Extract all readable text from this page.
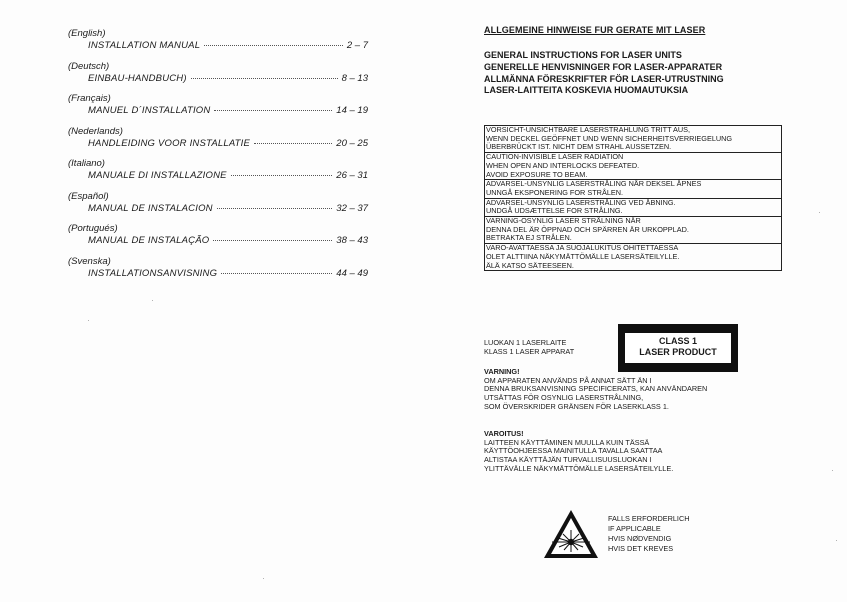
(English)
INSTALLATION MANUAL	2 – 7
(Deutsch)
EINBAU-HANDBUCH)	8 – 13
(Français)
MANUEL D´INSTALLATION	14 – 19
(Nederlands)
HANDLEIDING VOOR INSTALLATIE	20 – 25
(Italiano)
MANUALE DI INSTALLAZIONE	26 – 31
(Español)
MANUAL DE INSTALACION	32 – 37
(Portugués)
MANUAL DE INSTALAÇÃO	38 – 43
(Svenska)
INSTALLATIONSANVISNING	44 – 49
ALLGEMEINE HINWEISE FUR GERATE MIT LASER
GENERAL INSTRUCTIONS FOR LASER UNITS
GENERELLE HENVISNINGER FOR LASER-APPARATER
ALLMÄNNA FÖRESKRIFTER FÖR LASER-UTRUSTNING
LASER-LAITTEITA KOSKEVIA HUOMAUTUKSIA
VORSICHT-UNSICHTBARE LASERSTRAHLUNG TRITT AUS,
WENN DECKEL GEÖFFNET UND WENN SICHERHEITSVERRIEGELUNG
ÜBERBRÜCKT IST. NICHT DEM STRAHL AUSSETZEN.
CAUTION-INVISIBLE LASER RADIATION
WHEN OPEN AND INTERLOCKS DEFEATED.
AVOID EXPOSURE TO BEAM.
ADVARSEL-UNSYNLIG LASERSTRÅLING NÅR DEKSEL ÅPNES
UNNGÅ EKSPONERING FOR STRÅLEN.
ADVARSEL-UNSYNLIG LASERSTRÅLING VED ÅBNING.
UNDGÅ UDSÆTTELSE FOR STRÅLING.
VARNING-OSYNLIG LASER STRÅLNING NÄR
DENNA DEL ÄR ÖPPNAD OCH SPÄRREN ÄR URKOPPLAD.
BETRAKTA EJ STRÅLEN.
VARO-AVATTAESSA JA SUOJALUKITUS OHITETTAESSA
OLET ALTTIINA NÄKYMÄTTÖMÄLLE LASERSÄTEILYLLE.
ÄLÄ KATSO SÄTEESEEN.
LUOKAN 1 LASERLAITE
KLASS 1 LASER APPARAT
CLASS 1
LASER PRODUCT
VARNING!
OM APPARATEN ANVÄNDS PÅ ANNAT SÄTT ÄN I
DENNA BRUKSANVISNING SPECIFICERATS, KAN ANVÄNDAREN
UTSÄTTAS FÖR OSYNLIG LASERSTRÅLNING,
SOM ÖVERSKRIDER GRÄNSEN FÖR LASERKLASS 1.
VAROITUS!
LAITTEEN KÄYTTÄMINEN MUULLA KUIN TÄSSÄ
KÄYTTÖOHJEESSA MAINITULLA TAVALLA SAATTAA
ALTISTAA KÄYTTÄJÄN TURVALLISUUSLUOKAN I
YLITTÄVÄLLE NÄKYMÄTTÖMÄLLE LASERSÄTEILYLLE.
FALLS ERFORDERLICH
IF APPLICABLE
HVIS NØDVENDIG
HVIS DET KREVES
